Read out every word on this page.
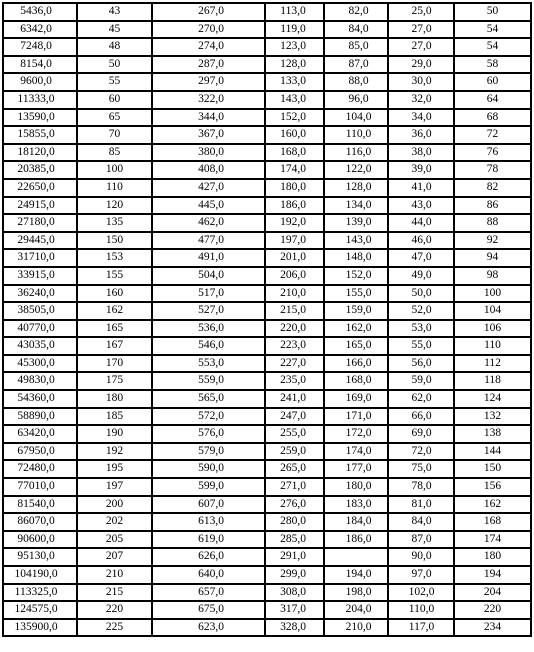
5436,0	43	267,0	113,0	82,0	25,0	50
6342,0	45	270,0	119,0	84,0	27,0	54
7248,0	48	274,0	123,0	85,0	27,0	54
8154,0	50	287,0	128,0	87,0	29,0	58
9600,0	55	297,0	133,0	88,0	30,0	60
11333,0	60	322,0	143,0	96,0	32,0	64
13590,0	65	344,0	152,0	104,0	34,0	68
15855,0	70	367,0	160,0	110,0	36,0	72
18120,0	85	380,0	168,0	116,0	38,0	76
20385,0	100	408,0	174,0	122,0	39,0	78
22650,0	110	427,0	180,0	128,0	41,0	82
24915,0	120	445,0	186,0	134,0	43,0	86
27180,0	135	462,0	192,0	139,0	44,0	88
29445,0	150	477,0	197,0	143,0	46,0	92
31710,0	153	491,0	201,0	148,0	47,0	94
33915,0	155	504,0	206,0	152,0	49,0	98
36240,0	160	517,0	210,0	155,0	50,0	100
38505,0	162	527,0	215,0	159,0	52,0	104
40770,0	165	536,0	220,0	162,0	53,0	106
43035,0	167	546,0	223,0	165,0	55,0	110
45300,0	170	553,0	227,0	166,0	56,0	112
49830,0	175	559,0	235,0	168,0	59,0	118
54360,0	180	565,0	241,0	169,0	62,0	124
58890,0	185	572,0	247,0	171,0	66,0	132
63420,0	190	576,0	255,0	172,0	69,0	138
67950,0	192	579,0	259,0	174,0	72,0	144
72480,0	195	590,0	265,0	177,0	75,0	150
77010,0	197	599,0	271,0	180,0	78,0	156
81540,0	200	607,0	276,0	183,0	81,0	162
86070,0	202	613,0	280,0	184,0	84,0	168
90600,0	205	619,0	285,0	186,0	87,0	174
95130,0	207	626,0	291,0		90,0	180
104190,0	210	640,0	299,0	194,0	97,0	194
113325,0	215	657,0	308,0	198,0	102,0	204
124575,0	220	675,0	317,0	204,0	110,0	220
135900,0	225	623,0	328,0	210,0	117,0	234
